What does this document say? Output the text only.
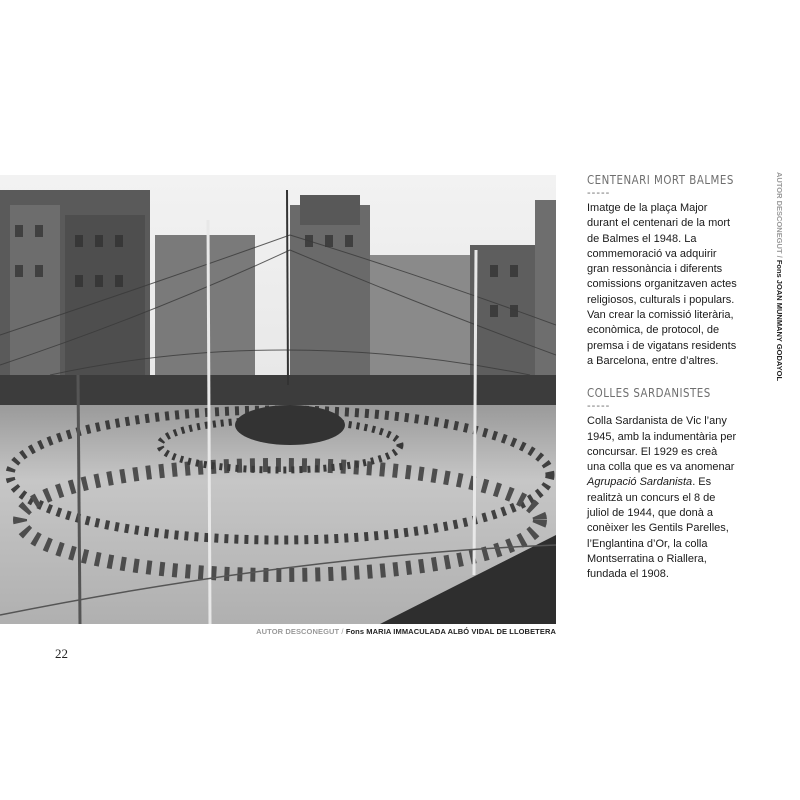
AUTOR DESCONEGUT / Fons MARIA IMMACULADA ALBÓ VIDAL DE LLOBETERA
22
CENTENARI MORT BALMES
-----
Imatge de la plaça Major durant el centenari de la mort de Balmes el 1948. La commemoració va adquirir gran ressonància i diferents comissions organitzaven actes religiosos, culturals i populars. Van crear la comissió literària, econòmica, de protocol, de premsa i de vigatans residents a Barcelona, entre d’altres.
COLLES SARDANISTES
-----
Colla Sardanista de Vic l’any 1945, amb la indumentària per concursar. El 1929 es creà una colla que es va anomenar Agrupació Sardanista. Es realitzà un concurs el 8 de juliol de 1944, que donà a conèixer les Gentils Parelles, l’Englantina d’Or, la colla Montserratina o Riallera, fundada el 1908.
AUTOR DESCONEGUT / Fons JOAN MUNMANY GODAYOL
